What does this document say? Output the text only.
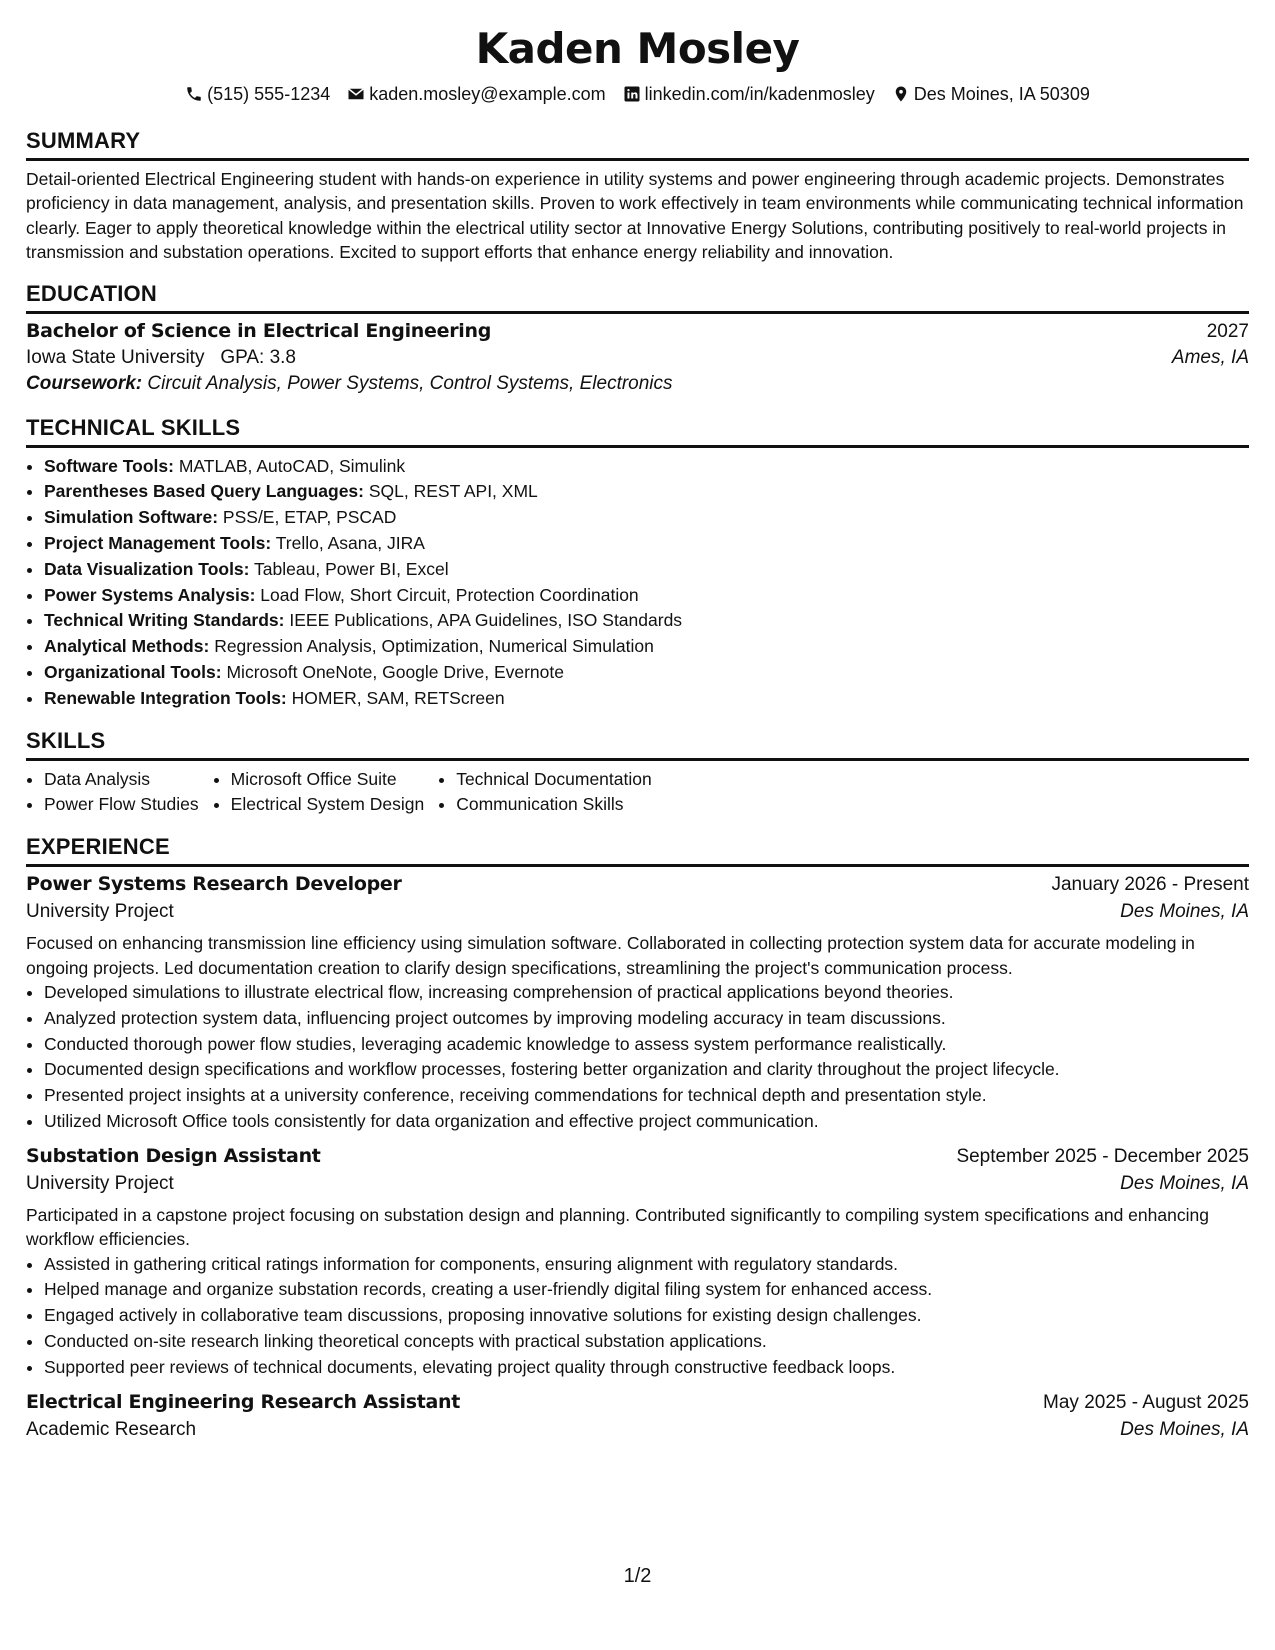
Kaden Mosley
(515) 555-1234 kaden.mosley@example.com linkedin.com/in/kadenmosley Des Moines, IA 50309
SUMMARY

Detail-oriented Electrical Engineering student with hands-on experience in utility systems and power engineering through academic projects. Demonstrates proficiency in data management, analysis, and presentation skills. Proven to work effectively in team environments while communicating technical information clearly. Eager to apply theoretical knowledge within the electrical utility sector at Innovative Energy Solutions, contributing positively to real-world projects in transmission and substation operations. Excited to support efforts that enhance energy reliability and innovation.

EDUCATION
Bachelor of Science in Electrical Engineering	2027
Iowa State University GPA: 3.8	Ames, IA
Coursework: Circuit Analysis, Power Systems, Control Systems, Electronics
TECHNICAL SKILLS
• Software Tools: MATLAB, AutoCAD, Simulink
• Parentheses Based Query Languages: SQL, REST API, XML
• Simulation Software: PSS/E, ETAP, PSCAD
• Project Management Tools: Trello, Asana, JIRA
• Data Visualization Tools: Tableau, Power BI, Excel
• Power Systems Analysis: Load Flow, Short Circuit, Protection Coordination
• Technical Writing Standards: IEEE Publications, APA Guidelines, ISO Standards
• Analytical Methods: Regression Analysis, Optimization, Numerical Simulation
• Organizational Tools: Microsoft OneNote, Google Drive, Evernote
• Renewable Integration Tools: HOMER, SAM, RETScreen
SKILLS
• Data Analysis
• Power Flow Studies
• Microsoft Office Suite
• Electrical System Design
• Technical Documentation
• Communication Skills
EXPERIENCE
Power Systems Research Developer	January 2026 - Present
University Project	Des Moines, IA

Focused on enhancing transmission line efficiency using simulation software. Collaborated in collecting protection system data for accurate modeling in ongoing projects. Led documentation creation to clarify design specifications, streamlining the project's communication process.

• Developed simulations to illustrate electrical flow, increasing comprehension of practical applications beyond theories.
• Analyzed protection system data, influencing project outcomes by improving modeling accuracy in team discussions.
• Conducted thorough power flow studies, leveraging academic knowledge to assess system performance realistically.
• Documented design specifications and workflow processes, fostering better organization and clarity throughout the project lifecycle.
• Presented project insights at a university conference, receiving commendations for technical depth and presentation style.
• Utilized Microsoft Office tools consistently for data organization and effective project communication.
Substation Design Assistant	September 2025 - December 2025
University Project	Des Moines, IA

Participated in a capstone project focusing on substation design and planning. Contributed significantly to compiling system specifications and enhancing workflow efficiencies.

• Assisted in gathering critical ratings information for components, ensuring alignment with regulatory standards.
• Helped manage and organize substation records, creating a user-friendly digital filing system for enhanced access.
• Engaged actively in collaborative team discussions, proposing innovative solutions for existing design challenges.
• Conducted on-site research linking theoretical concepts with practical substation applications.
• Supported peer reviews of technical documents, elevating project quality through constructive feedback loops.
Electrical Engineering Research Assistant	May 2025 - August 2025
Academic Research	Des Moines, IA
1/2
